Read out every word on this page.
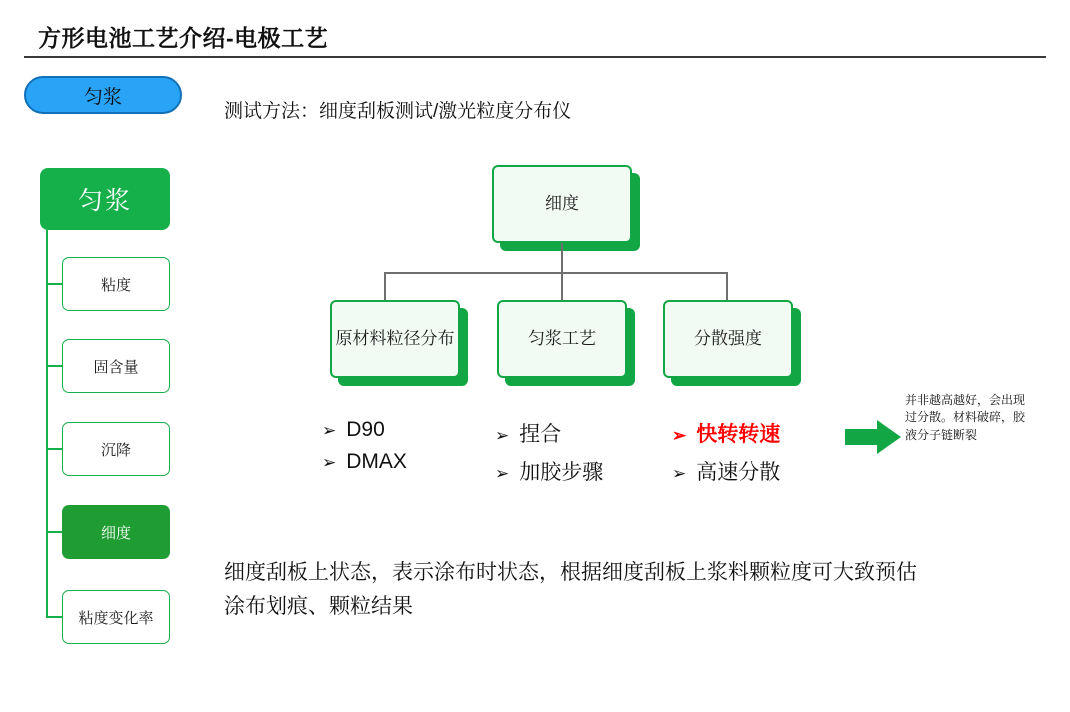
方形电池工艺介绍-电极工艺
匀浆
匀浆
粘度
固含量
沉降
细度
粘度变化率
测试方法：细度刮板测试/激光粒度分布仪
细度
原材料粒径分布	匀浆工艺	分散强度
➢ D90
➢ DMAX
➢ 捏合
➢ 加胶步骤
➢ 快转转速
➢ 高速分散
并非越高越好，会出现过分散。材料破碎，胶液分子链断裂
细度刮板上状态，表示涂布时状态，根据细度刮板上浆料颗粒度可大致预估涂布划痕、颗粒结果
